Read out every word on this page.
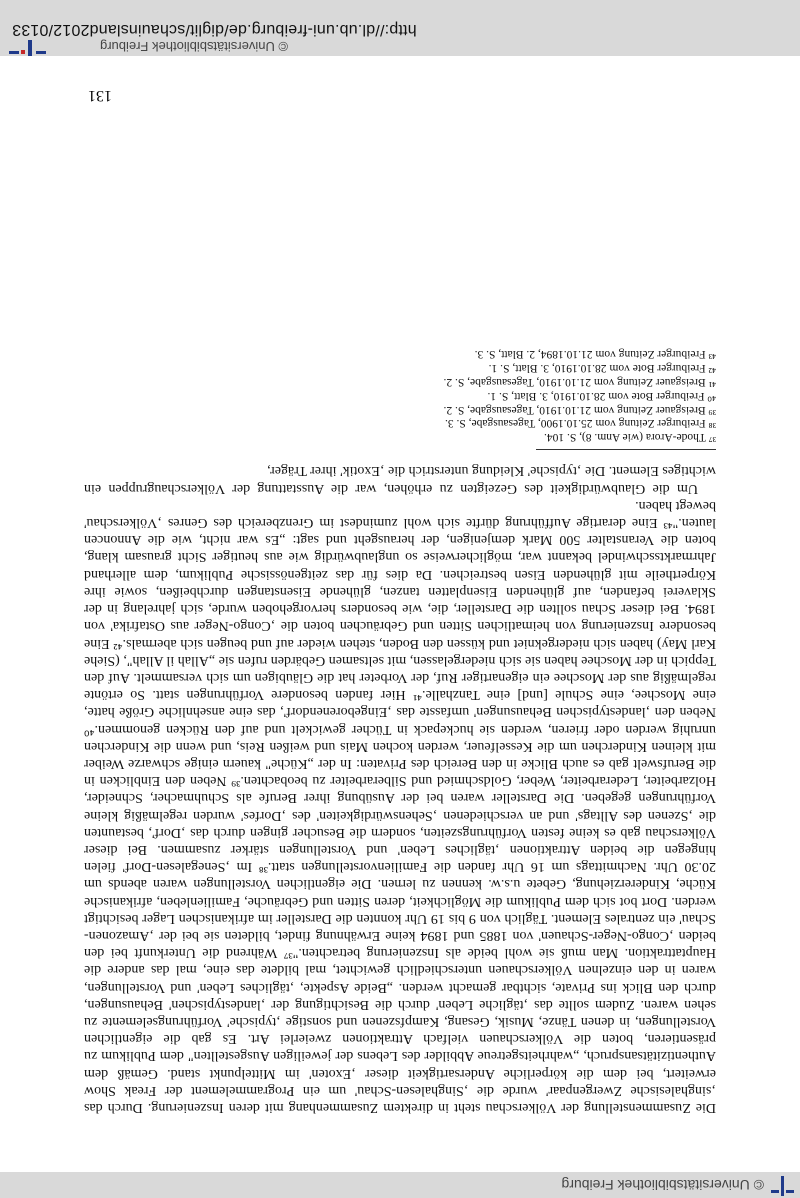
© Universitätsbibliothek Freiburg

Die Zusammenstellung der Völkerschau steht in direktem Zusammenhang mit deren Inszenierung. Durch das ‚singhalesische Zwergenpaar' wurde die ‚Singhalesen-Schau' um ein Programmelement der Freak Show erweitert, bei dem die körperliche Andersartigkeit dieser ‚Exoten' im Mittelpunkt stand. Gemäß dem Authentizitätsanspruch, „wahrheitsgetreue Abbilder des Lebens der jeweiligen Ausgestellten" dem Publikum zu präsentieren, boten die Völkerschauen vielfach Attraktionen zweierlei Art. Es gab die eigentlichen Vorstellungen, in denen Tänze, Musik, Gesang, Kampfszenen und sonstige ‚typische' Vorführungselemente zu sehen waren. Zudem sollte das ‚tägliche Leben' durch die Besichtigung der ‚landestypischen' Behausungen, durch den Blick ins Private, sichtbar gemacht werden. „Beide Aspekte, ‚tägliches Leben' und Vorstellungen, waren in den einzelnen Völkerschauen unterschiedlich gewichtet, mal bildete das eine, mal das andere die Hauptattraktion. Man muß sie wohl beide als Inszenierung betrachten."³⁷ Während die Unterkunft bei den beiden ‚Congo-Neger-Schauen' von 1885 und 1894 keine Erwähnung findet, bildeten sie bei der ‚Amazonen-Schau' ein zentrales Element. Täglich von 9 bis 19 Uhr konnten die Darsteller im afrikanischen Lager besichtigt werden. Dort bot sich dem Publikum die Möglichkeit, deren Sitten und Gebräuche, Familienleben, afrikanische Küche, Kindererziehung, Gebete u.s.w. kennen zu lernen. Die eigentlichen Vorstellungen waren abends um 20.30 Uhr. Nachmittags um 16 Uhr fanden die Familienvorstellungen statt.³⁸ Im ‚Senegalesen-Dorf' fielen hingegen die beiden Attraktionen ‚tägliches Leben' und Vorstellungen stärker zusammen. Bei dieser Völkerschau gab es keine festen Vorführungszeiten, sondern die Besucher gingen durch das ‚Dorf', bestaunten die ‚Szenen des Alltags' und an verschiedenen ‚Sehenswürdigkeiten' des ‚Dorfes' wurden regelmäßig kleine Vorführungen gegeben. Die Darsteller waren bei der Ausübung ihrer Berufe als Schuhmacher, Schneider, Holzarbeiter, Lederarbeiter, Weber, Goldschmied und Silberarbeiter zu beobachten.³⁹ Neben den Einblicken in die Berufswelt gab es auch Blicke in den Bereich des Privaten: In der „Küche" kauern einige schwarze Weiber mit kleinen Kinderchen um die Kesselfeuer, werden kochen Mais und weißen Reis, und wenn die Kinderchen unruhig werden oder frieren, werden sie huckepack in Tücher gewickelt und auf den Rücken genommen.⁴⁰ Neben den ‚landestypischen Behausungen' umfasste das ‚Eingeborenendorf', das eine ansehnliche Größe hatte, eine Moschee, eine Schule [und] eine Tanzhalle.⁴¹ Hier fanden besondere Vorführungen statt. So ertönte regelmäßig aus der Moschee ein eigenartiger Ruf, der Vorbeter hat die Gläubigen um sich versammelt. Auf den Teppich in der Moschee haben sie sich niedergelassen, mit seltsamen Gebärden rufen sie „Allah il Allah", (Siehe Karl May) haben sich niedergekniet und küssen den Boden, stehen wieder auf und beugen sich abermals.⁴² Eine besondere Inszenierung von heimatlichen Sitten und Gebräuchen boten die ‚Congo-Neger aus Ostafrika' von 1894. Bei dieser Schau sollten die Darsteller, die, wie besonders hervorgehoben wurde, sich jahrelang in der Sklaverei befanden, auf glühenden Eisenplatten tanzen, glühende Eisenstangen durchbeißen, sowie ihre Körpertheile mit glühenden Eisen bestreichen. Da dies für das zeitgenössische Publikum, dem allerhand Jahrmarktsschwindel bekannt war, möglicherweise so unglaubwürdig wie aus heutiger Sicht grausam klang, boten die Veranstalter 500 Mark demjenigen, der herausgeht und sagt: „Es war nicht, wie die Annoncen lauten."⁴³ Eine derartige Aufführung dürfte sich wohl zumindest im Grenzbereich des Genres ‚Völkerschau' bewegt haben.

Um die Glaubwürdigkeit des Gezeigten zu erhöhen, war die Ausstattung der Völkerschaugruppen ein wichtiges Element. Die ‚typische' Kleidung unterstrich die ‚Exotik' ihrer Träger,

³⁷ Thode-Arora (wie Anm. 8), S. 104.
³⁸ Freiburger Zeitung vom 25.10.1900, Tagesausgabe, S. 3.
³⁹ Breisgauer Zeitung vom 21.10.1910, Tagesausgabe, S. 2.
⁴⁰ Freiburger Bote vom 28.10.1910, 3. Blatt, S. 1.
⁴¹ Breisgauer Zeitung vom 21.10.1910, Tagesausgabe, S. 2.
⁴² Freiburger Bote vom 28.10.1910, 3. Blatt, S. 1.
⁴³ Freiburger Zeitung vom 21.10.1894, 2. Blatt, S. 3.
131
© Universitätsbibliothek Freiburg
http://dl.ub.uni-freiburg.de/diglit/schauinsland2012/0133
